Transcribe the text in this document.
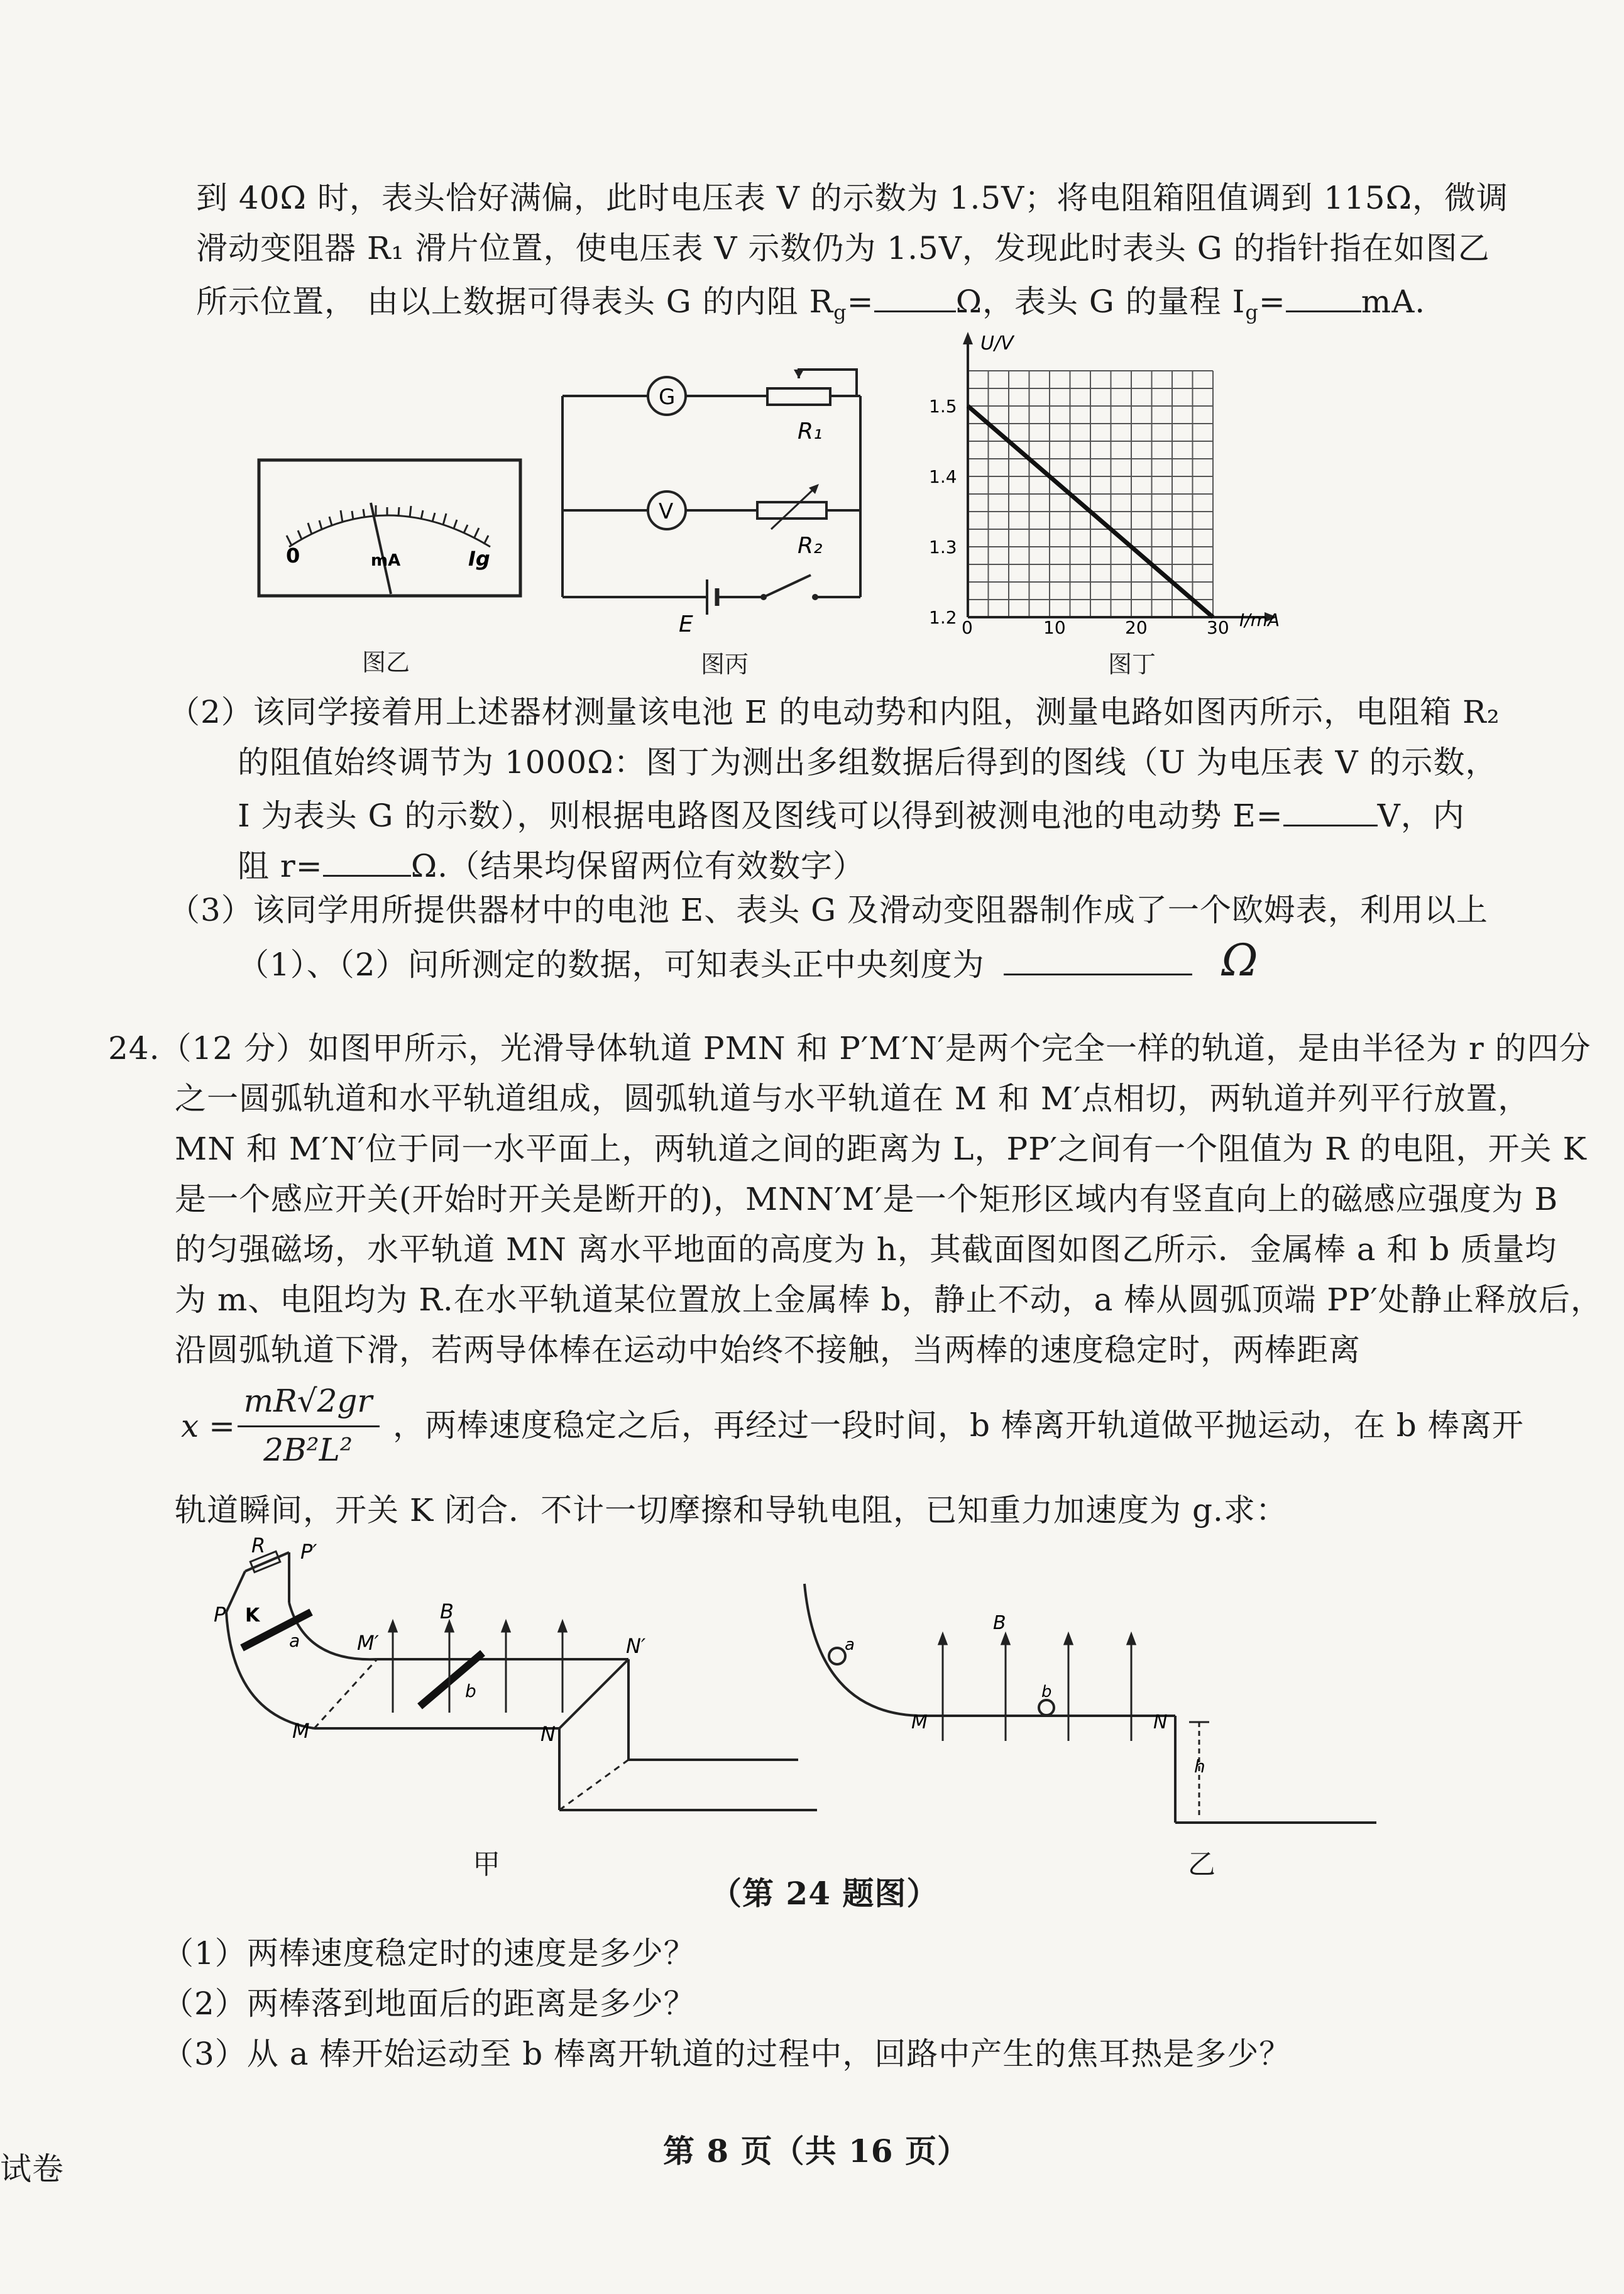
到 40Ω 时，表头恰好满偏，此时电压表 V 的示数为 1.5V；将电阻箱阻值调到 115Ω，微调
滑动变阻器 R₁ 滑片位置，使电压表 V 示数仍为 1.5V，发现此时表头 G 的指针指在如图乙
所示位置， 由以上数据可得表头 G 的内阻 $R_g=$	Ω，表头 G 的量程 $I_g=$ mA.
0	mA	Ig
图乙
G
V
R₁
R₂
E
图丙
U/V
I/mA
1.2
1.3
1.4
1.5
0	10	20	30
图丁
（2）该同学接着用上述器材测量该电池 E 的电动势和内阻，测量电路如图丙所示，电阻箱 R₂
的阻值始终调节为 1000Ω：图丁为测出多组数据后得到的图线（U 为电压表 V 的示数，
I 为表头 G 的示数），则根据电路图及图线可以得到被测电池的电动势 E=	V，内
阻 r=	Ω.（结果均保留两位有效数字）
（3）该同学用所提供器材中的电池 E、表头 G 及滑动变阻器制作成了一个欧姆表，利用以上
（1）、（2）问所测定的数据，可知表头正中央刻度为	Ω
24.（12 分）如图甲所示，光滑导体轨道 PMN 和 P′M′N′是两个完全一样的轨道，是由半径为 r 的四分
之一圆弧轨道和水平轨道组成，圆弧轨道与水平轨道在 M 和 M′点相切，两轨道并列平行放置，
MN 和 M′N′位于同一水平面上，两轨道之间的距离为 L，PP′之间有一个阻值为 R 的电阻，开关 K
是一个感应开关(开始时开关是断开的)，MNN′M′是一个矩形区域内有竖直向上的磁感应强度为 B
的匀强磁场，水平轨道 MN 离水平地面的高度为 h，其截面图如图乙所示．金属棒 a 和 b 质量均
为 m、电阻均为 R.在水平轨道某位置放上金属棒 b，静止不动，a 棒从圆弧顶端 PP′处静止释放后，
沿圆弧轨道下滑，若两导体棒在运动中始终不接触，当两棒的速度稳定时，两棒距离
x =
mR√2gr
2B²L²
，两棒速度稳定之后，再经过一段时间，b 棒离开轨道做平抛运动，在 b 棒离开
轨道瞬间，开关 K 闭合．不计一切摩擦和导轨电阻，已知重力加速度为 g.求：
R
P
P′
K
a
b
M
M′
N
N′
B
甲
a
b
M	N
B
h
乙
（第 24 题图）
（1）两棒速度稳定时的速度是多少？
（2）两棒落到地面后的距离是多少？
（3）从 a 棒开始运动至 b 棒离开轨道的过程中，回路中产生的焦耳热是多少？
第 8 页（共 16 页）
试卷
